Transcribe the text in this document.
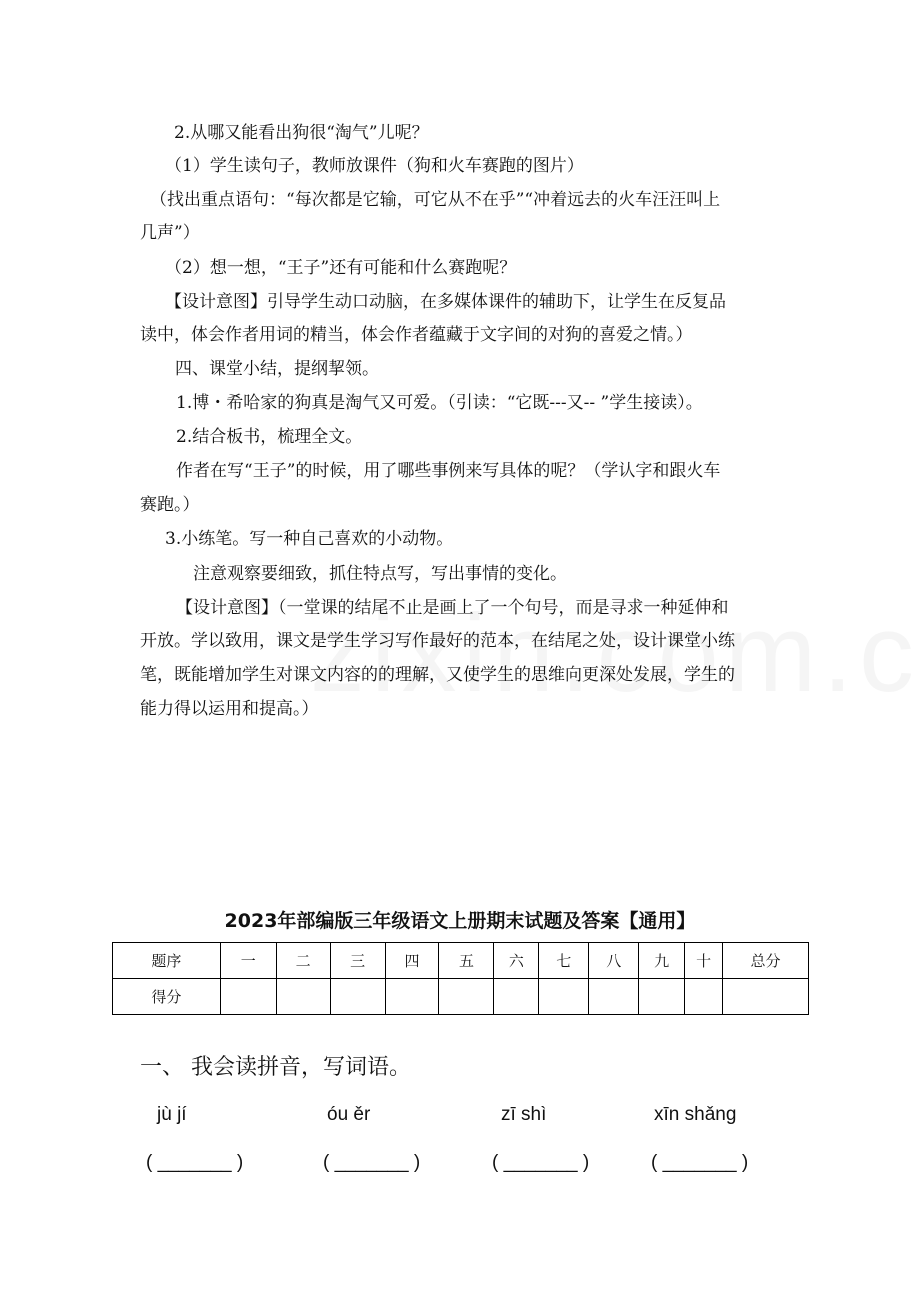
2.从哪又能看出狗很“淘气”儿呢？
（1）学生读句子，教师放课件（狗和火车赛跑的图片）
（找出重点语句：“每次都是它输，可它从不在乎”“冲着远去的火车汪汪叫上
几声”）
（2）想一想，“王子”还有可能和什么赛跑呢？
【设计意图】引导学生动口动脑，在多媒体课件的辅助下，让学生在反复品
读中，体会作者用词的精当，体会作者蕴藏于文字间的对狗的喜爱之情。）
四、课堂小结，提纲挈领。
1.博・希哈家的狗真是淘气又可爱。（引读：“它既---又-- ”学生接读）。
2.结合板书，梳理全文。
作者在写“王子”的时候，用了哪些事例来写具体的呢？（学认字和跟火车
赛跑。）
3.小练笔。写一种自己喜欢的小动物。
注意观察要细致，抓住特点写，写出事情的变化。
【设计意图】（一堂课的结尾不止是画上了一个句号，而是寻求一种延伸和
开放。学以致用，课文是学生学习写作最好的范本，在结尾之处，设计课堂小练
笔，既能增加学生对课文内容的的理解，又使学生的思维向更深处发展，学生的
能力得以运用和提高。）
2023年部编版三年级语文上册期末试题及答案【通用】
题序	一	二	三	四	五	六	七	八	九	十	总分
得分											
一、 我会读拼音，写词语。
jù jí	óu ěr	zī shì	xīn shǎng
( _______ )	( _______ )	( _______ )	( _______ )
